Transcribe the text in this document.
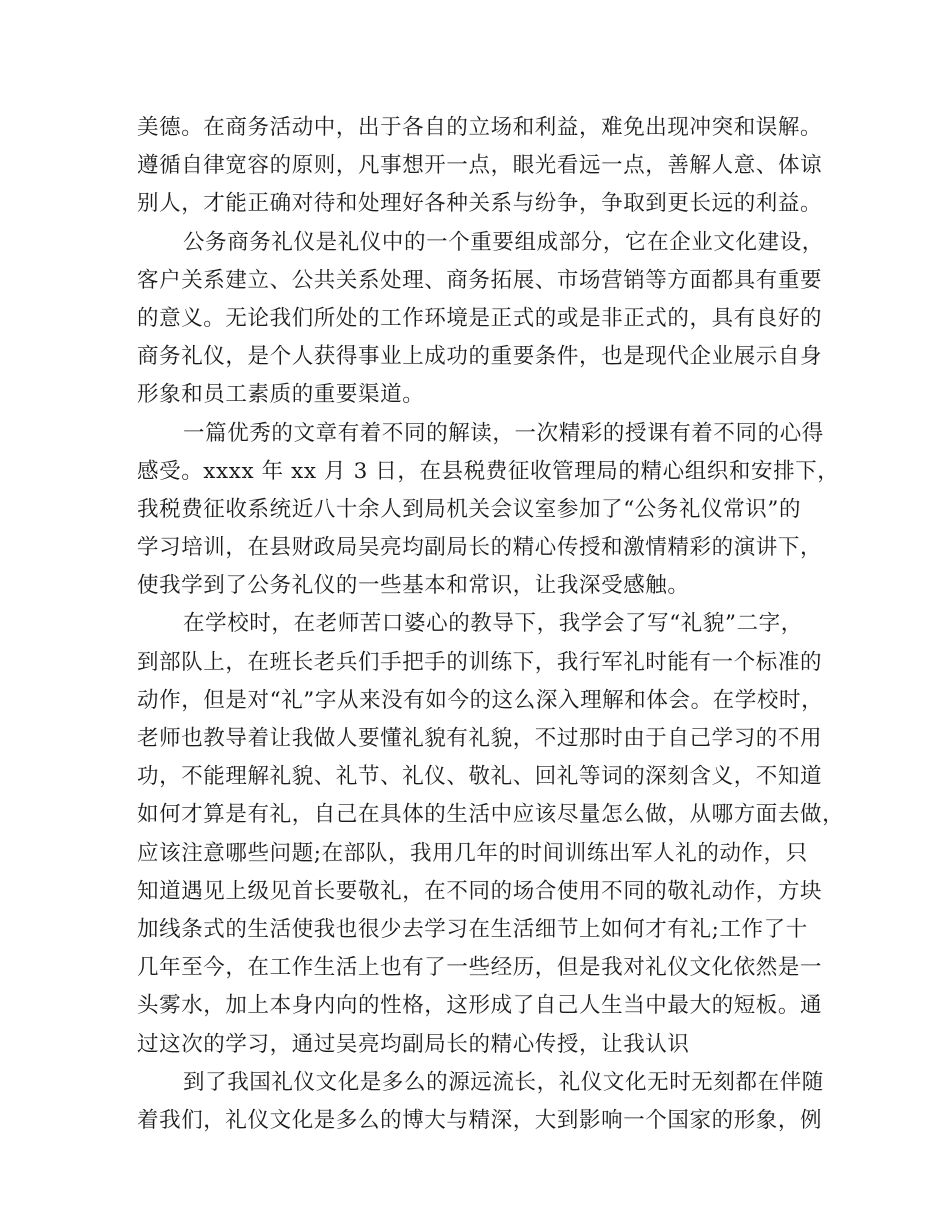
美德。在商务活动中，出于各自的立场和利益，难免出现冲突和误解。
遵循自律宽容的原则，凡事想开一点，眼光看远一点，善解人意、体谅
别人，才能正确对待和处理好各种关系与纷争，争取到更长远的利益。
公务商务礼仪是礼仪中的一个重要组成部分，它在企业文化建设，
客户关系建立、公共关系处理、商务拓展、市场营销等方面都具有重要
的意义。无论我们所处的工作环境是正式的或是非正式的，具有良好的
商务礼仪，是个人获得事业上成功的重要条件，也是现代企业展示自身
形象和员工素质的重要渠道。
一篇优秀的文章有着不同的解读，一次精彩的授课有着不同的心得
感受。xxxx 年 xx 月 3 日，在县税费征收管理局的精心组织和安排下，
我税费征收系统近八十余人到局机关会议室参加了“公务礼仪常识”的
学习培训，在县财政局吴亮均副局长的精心传授和激情精彩的演讲下，
使我学到了公务礼仪的一些基本和常识，让我深受感触。
在学校时，在老师苦口婆心的教导下，我学会了写“礼貌”二字，
到部队上，在班长老兵们手把手的训练下，我行军礼时能有一个标准的
动作，但是对“礼”字从来没有如今的这么深入理解和体会。在学校时，
老师也教导着让我做人要懂礼貌有礼貌，不过那时由于自己学习的不用
功，不能理解礼貌、礼节、礼仪、敬礼、回礼等词的深刻含义，不知道
如何才算是有礼，自己在具体的生活中应该尽量怎么做，从哪方面去做，
应该注意哪些问题;在部队，我用几年的时间训练出军人礼的动作，只
知道遇见上级见首长要敬礼，在不同的场合使用不同的敬礼动作，方块
加线条式的生活使我也很少去学习在生活细节上如何才有礼;工作了十
几年至今，在工作生活上也有了一些经历，但是我对礼仪文化依然是一
头雾水，加上本身内向的性格，这形成了自己人生当中最大的短板。通
过这次的学习，通过吴亮均副局长的精心传授，让我认识
到了我国礼仪文化是多么的源远流长，礼仪文化无时无刻都在伴随
着我们，礼仪文化是多么的博大与精深，大到影响一个国家的形象，例
